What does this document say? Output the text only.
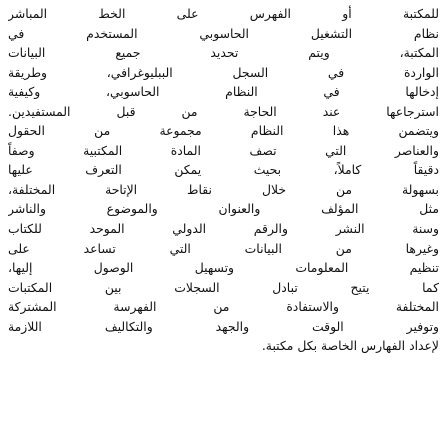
للمكتبة أو الفهرس على الخط المباشر
نظام التشغيل الحاسوبي المستخدم في
المكتبة، ويتم تحديد جميع البيانات
الواردة في السجل الببليوغرافي، وطريقة
إدخالها في النظام الحاسوبي، وكيفية
استرجاعها عند الحاجة من قبل المستفيدين.
ويتضمن هذا النظام مجموعة من الحقول
والعناصر التي تصف المادة المكتبية وصفاً
دقيقاً كاملاً، بحيث يمكن التعرف عليها
بسهولة من خلال نقاط الإتاحة المختلفة،
مثل المؤلف والعنوان والموضوع والناشر
وسنة النشر والرقم الدولي الموحد للكتاب
وغيرها من البيانات التي تساعد على
تنظيم المعلومات وتسهيل الوصول إليها،
كما يتيح تبادل السجلات بين المكتبات
المختلفة والاستفادة من الفهرسة المشتركة
وتوفير الوقت والجهد والتكاليف اللازمة
لإعداد الفهارس الخاصة بكل مكتبة.
